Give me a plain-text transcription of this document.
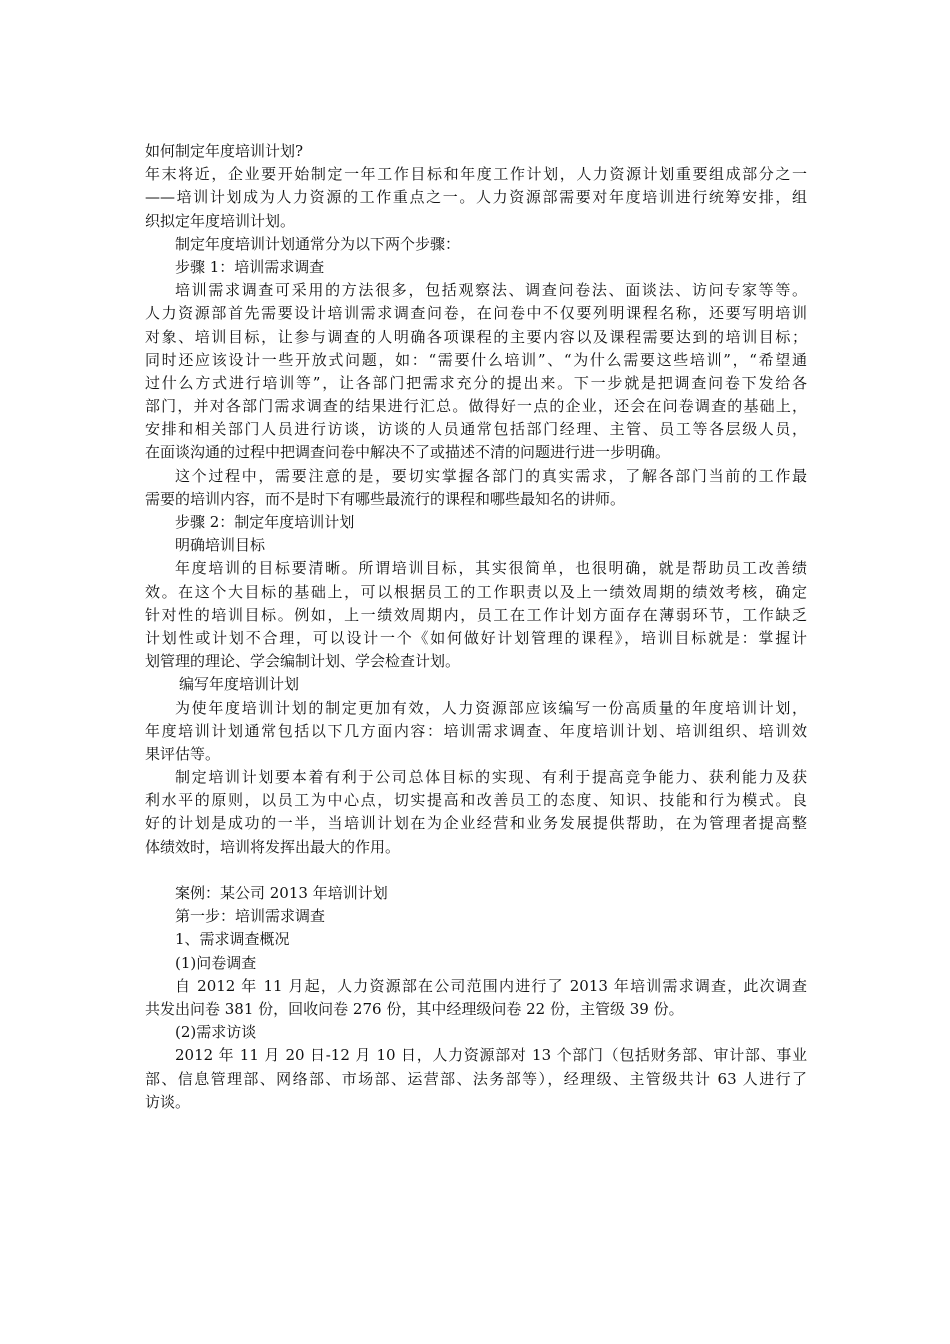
如何制定年度培训计划?
年末将近，企业要开始制定一年工作目标和年度工作计划，人力资源计划重要组成部分之一
——培训计划成为人力资源的工作重点之一。人力资源部需要对年度培训进行统筹安排，组
织拟定年度培训计划。
制定年度培训计划通常分为以下两个步骤：
步骤 1：培训需求调查
培训需求调查可采用的方法很多，包括观察法、调查问卷法、面谈法、访问专家等等。
人力资源部首先需要设计培训需求调查问卷，在问卷中不仅要列明课程名称，还要写明培训
对象、培训目标，让参与调查的人明确各项课程的主要内容以及课程需要达到的培训目标；
同时还应该设计一些开放式问题，如：“需要什么培训”、“为什么需要这些培训”，“希望通
过什么方式进行培训等”，让各部门把需求充分的提出来。下一步就是把调查问卷下发给各
部门，并对各部门需求调查的结果进行汇总。做得好一点的企业，还会在问卷调查的基础上，
安排和相关部门人员进行访谈，访谈的人员通常包括部门经理、主管、员工等各层级人员，
在面谈沟通的过程中把调查问卷中解决不了或描述不清的问题进行进一步明确。
这个过程中，需要注意的是，要切实掌握各部门的真实需求，了解各部门当前的工作最
需要的培训内容，而不是时下有哪些最流行的课程和哪些最知名的讲师。
步骤 2：制定年度培训计划
明确培训目标
年度培训的目标要清晰。所谓培训目标，其实很简单，也很明确，就是帮助员工改善绩
效。在这个大目标的基础上，可以根据员工的工作职责以及上一绩效周期的绩效考核，确定
针对性的培训目标。例如，上一绩效周期内，员工在工作计划方面存在薄弱环节，工作缺乏
计划性或计划不合理，可以设计一个《如何做好计划管理的课程》，培训目标就是：掌握计
划管理的理论、学会编制计划、学会检查计划。
编写年度培训计划
为使年度培训计划的制定更加有效，人力资源部应该编写一份高质量的年度培训计划，
年度培训计划通常包括以下几方面内容：培训需求调查、年度培训计划、培训组织、培训效
果评估等。
制定培训计划要本着有利于公司总体目标的实现、有利于提高竞争能力、获利能力及获
利水平的原则，以员工为中心点，切实提高和改善员工的态度、知识、技能和行为模式。良
好的计划是成功的一半，当培训计划在为企业经营和业务发展提供帮助，在为管理者提高整
体绩效时，培训将发挥出最大的作用。
案例：某公司 2013 年培训计划
第一步：培训需求调查
1、需求调查概况
(1)问卷调查
自 2012 年 11 月起，人力资源部在公司范围内进行了 2013 年培训需求调查，此次调查
共发出问卷 381 份，回收问卷 276 份，其中经理级问卷 22 份，主管级 39 份。
(2)需求访谈
2012 年 11 月 20 日-12 月 10 日，人力资源部对 13 个部门（包括财务部、审计部、事业
部、信息管理部、网络部、市场部、运营部、法务部等），经理级、主管级共计 63 人进行了
访谈。
